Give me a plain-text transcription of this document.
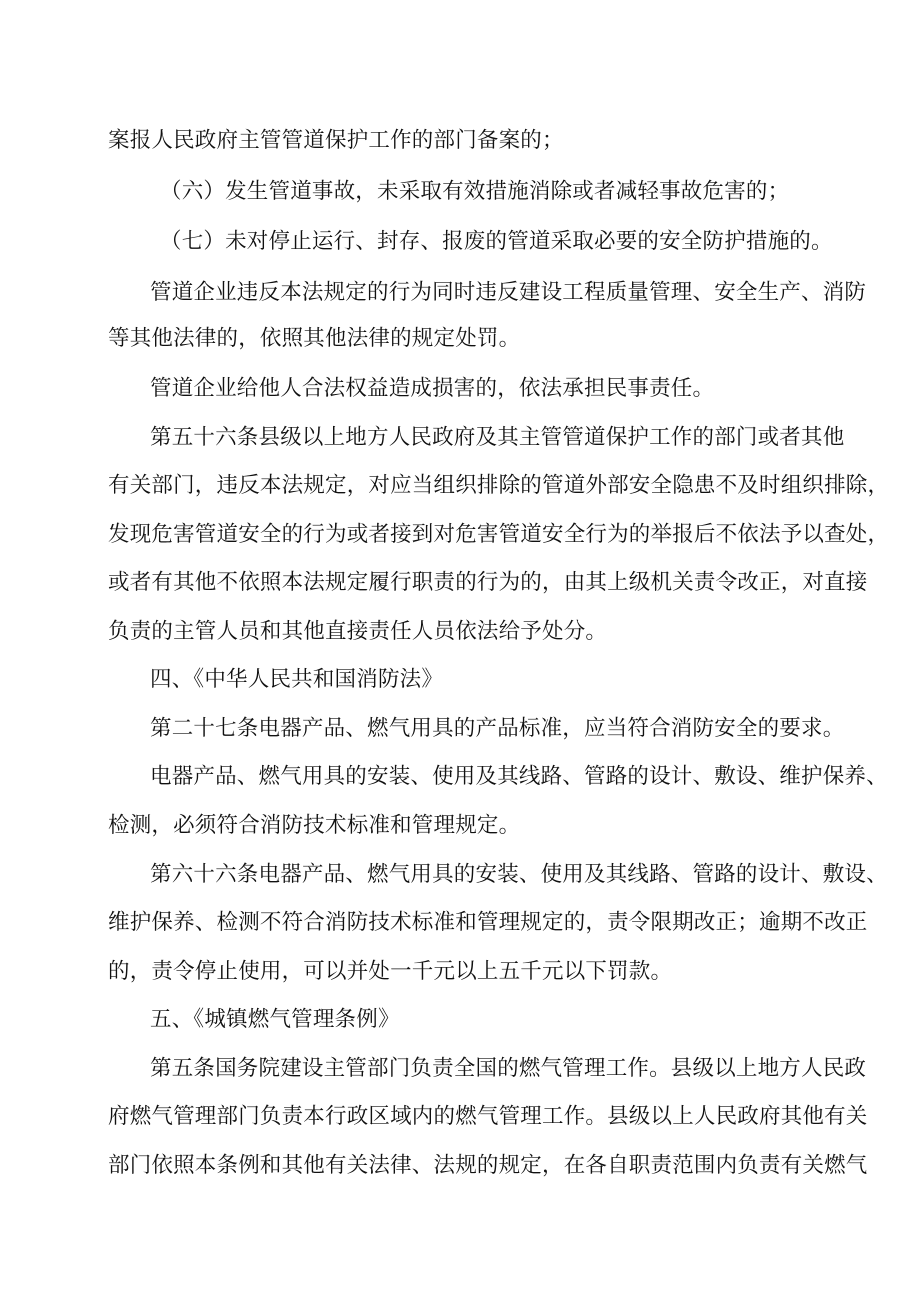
案报人民政府主管管道保护工作的部门备案的；
（六）发生管道事故，未采取有效措施消除或者减轻事故危害的；
（七）未对停止运行、封存、报废的管道采取必要的安全防护措施的。
管道企业违反本法规定的行为同时违反建设工程质量管理、安全生产、消防
等其他法律的，依照其他法律的规定处罚。
管道企业给他人合法权益造成损害的，依法承担民事责任。
第五十六条县级以上地方人民政府及其主管管道保护工作的部门或者其他
有关部门，违反本法规定，对应当组织排除的管道外部安全隐患不及时组织排除，
发现危害管道安全的行为或者接到对危害管道安全行为的举报后不依法予以查处，
或者有其他不依照本法规定履行职责的行为的，由其上级机关责令改正，对直接
负责的主管人员和其他直接责任人员依法给予处分。
四、《中华人民共和国消防法》
第二十七条电器产品、燃气用具的产品标准，应当符合消防安全的要求。
电器产品、燃气用具的安装、使用及其线路、管路的设计、敷设、维护保养、
检测，必须符合消防技术标准和管理规定。
第六十六条电器产品、燃气用具的安装、使用及其线路、管路的设计、敷设、
维护保养、检测不符合消防技术标准和管理规定的，责令限期改正；逾期不改正
的，责令停止使用，可以并处一千元以上五千元以下罚款。
五、《城镇燃气管理条例》
第五条国务院建设主管部门负责全国的燃气管理工作。县级以上地方人民政
府燃气管理部门负责本行政区域内的燃气管理工作。县级以上人民政府其他有关
部门依照本条例和其他有关法律、法规的规定，在各自职责范围内负责有关燃气
